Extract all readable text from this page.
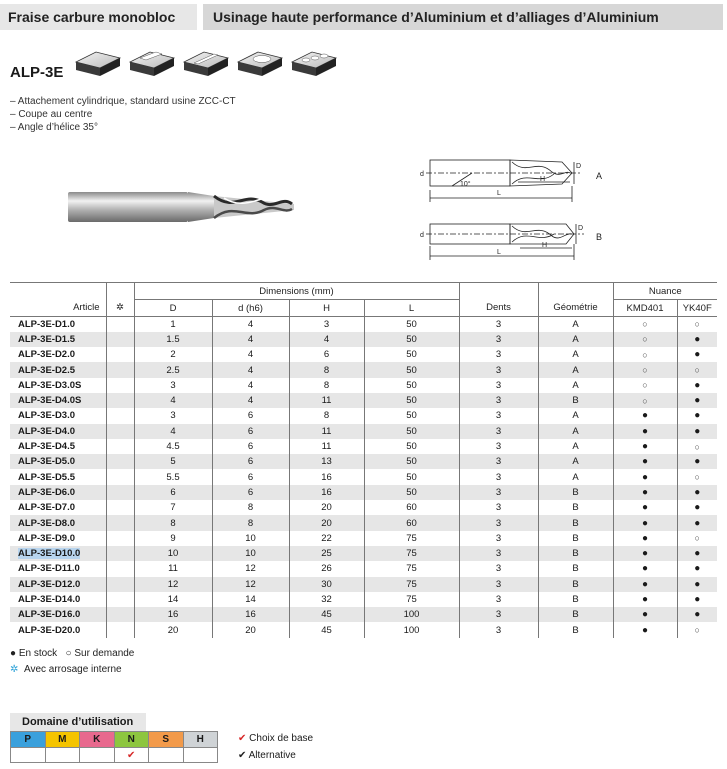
Fraise carbure monobloc	Usinage haute performance d’Aluminium et d’alliages d’Aluminium
ALP-3E
– Attachement cylindrique, standard usine ZCC-CT
– Coupe au centre
– Angle d’hélice 35°
d
D
H
L
10°
A
d
D
H
L
B
		Dimensions (mm)						Nuance	
Article	✲	D	d (h6)	H	L	Dents	Géométrie	KMD401	YK40F
ALP-3E-D1.0		1	4	3	50	3	A	○	○
ALP-3E-D1.5		1.5	4	4	50	3	A	○	●
ALP-3E-D2.0		2	4	6	50	3	A	○	●
ALP-3E-D2.5		2.5	4	8	50	3	A	○	○
ALP-3E-D3.0S		3	4	8	50	3	A	○	●
ALP-3E-D4.0S		4	4	11	50	3	B	○	●
ALP-3E-D3.0		3	6	8	50	3	A	●	●
ALP-3E-D4.0		4	6	11	50	3	A	●	●
ALP-3E-D4.5		4.5	6	11	50	3	A	●	○
ALP-3E-D5.0		5	6	13	50	3	A	●	●
ALP-3E-D5.5		5.5	6	16	50	3	A	●	○
ALP-3E-D6.0		6	6	16	50	3	B	●	●
ALP-3E-D7.0		7	8	20	60	3	B	●	●
ALP-3E-D8.0		8	8	20	60	3	B	●	●
ALP-3E-D9.0		9	10	22	75	3	B	●	○
ALP-3E-D10.0		10	10	25	75	3	B	●	●
ALP-3E-D11.0		11	12	26	75	3	B	●	●
ALP-3E-D12.0		12	12	30	75	3	B	●	●
ALP-3E-D14.0		14	14	32	75	3	B	●	●
ALP-3E-D16.0		16	16	45	100	3	B	●	●
ALP-3E-D20.0		20	20	45	100	3	B	●	○
● En stock ○ Sur demande
✲ Avec arrosage interne
Domaine d’utilisation
P	M	K	N	S	H
			✔		
✔ Choix de base
✔ Alternative
